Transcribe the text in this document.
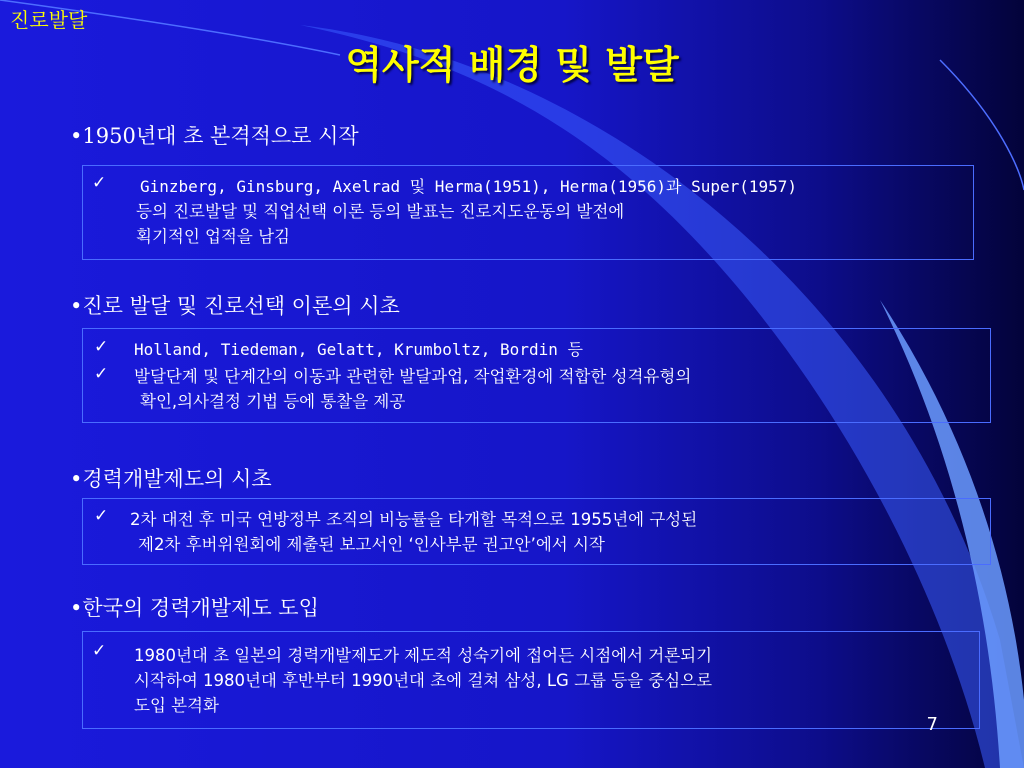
진로발달
역사적 배경 및 발달
•1950년대 초 본격적으로 시작
✓ Ginzberg, Ginsburg, Axelrad 및 Herma(1951), Herma(1956)과 Super(1957)
등의 진로발달 및 직업선택 이론 등의 발표는 진로지도운동의 발전에
획기적인 업적을 남김
•진로 발달 및 진로선택 이론의 시초
✓ Holland, Tiedeman, Gelatt, Krumboltz, Bordin 등
✓ 발달단계 및 단계간의 이동과 관련한 발달과업, 작업환경에 적합한 성격유형의
확인,의사결정 기법 등에 통찰을 제공
•경력개발제도의 시초
✓ 2차 대전 후 미국 연방정부 조직의 비능률을 타개할 목적으로 1955년에 구성된
제2차 후버위원회에 제출된 보고서인 ‘인사부문 권고안’에서 시작
•한국의 경력개발제도 도입
✓ 1980년대 초 일본의 경력개발제도가 제도적 성숙기에 접어든 시점에서 거론되기
시작하여 1980년대 후반부터 1990년대 초에 걸쳐 삼성, LG 그룹 등을 중심으로
도입 본격화
7
